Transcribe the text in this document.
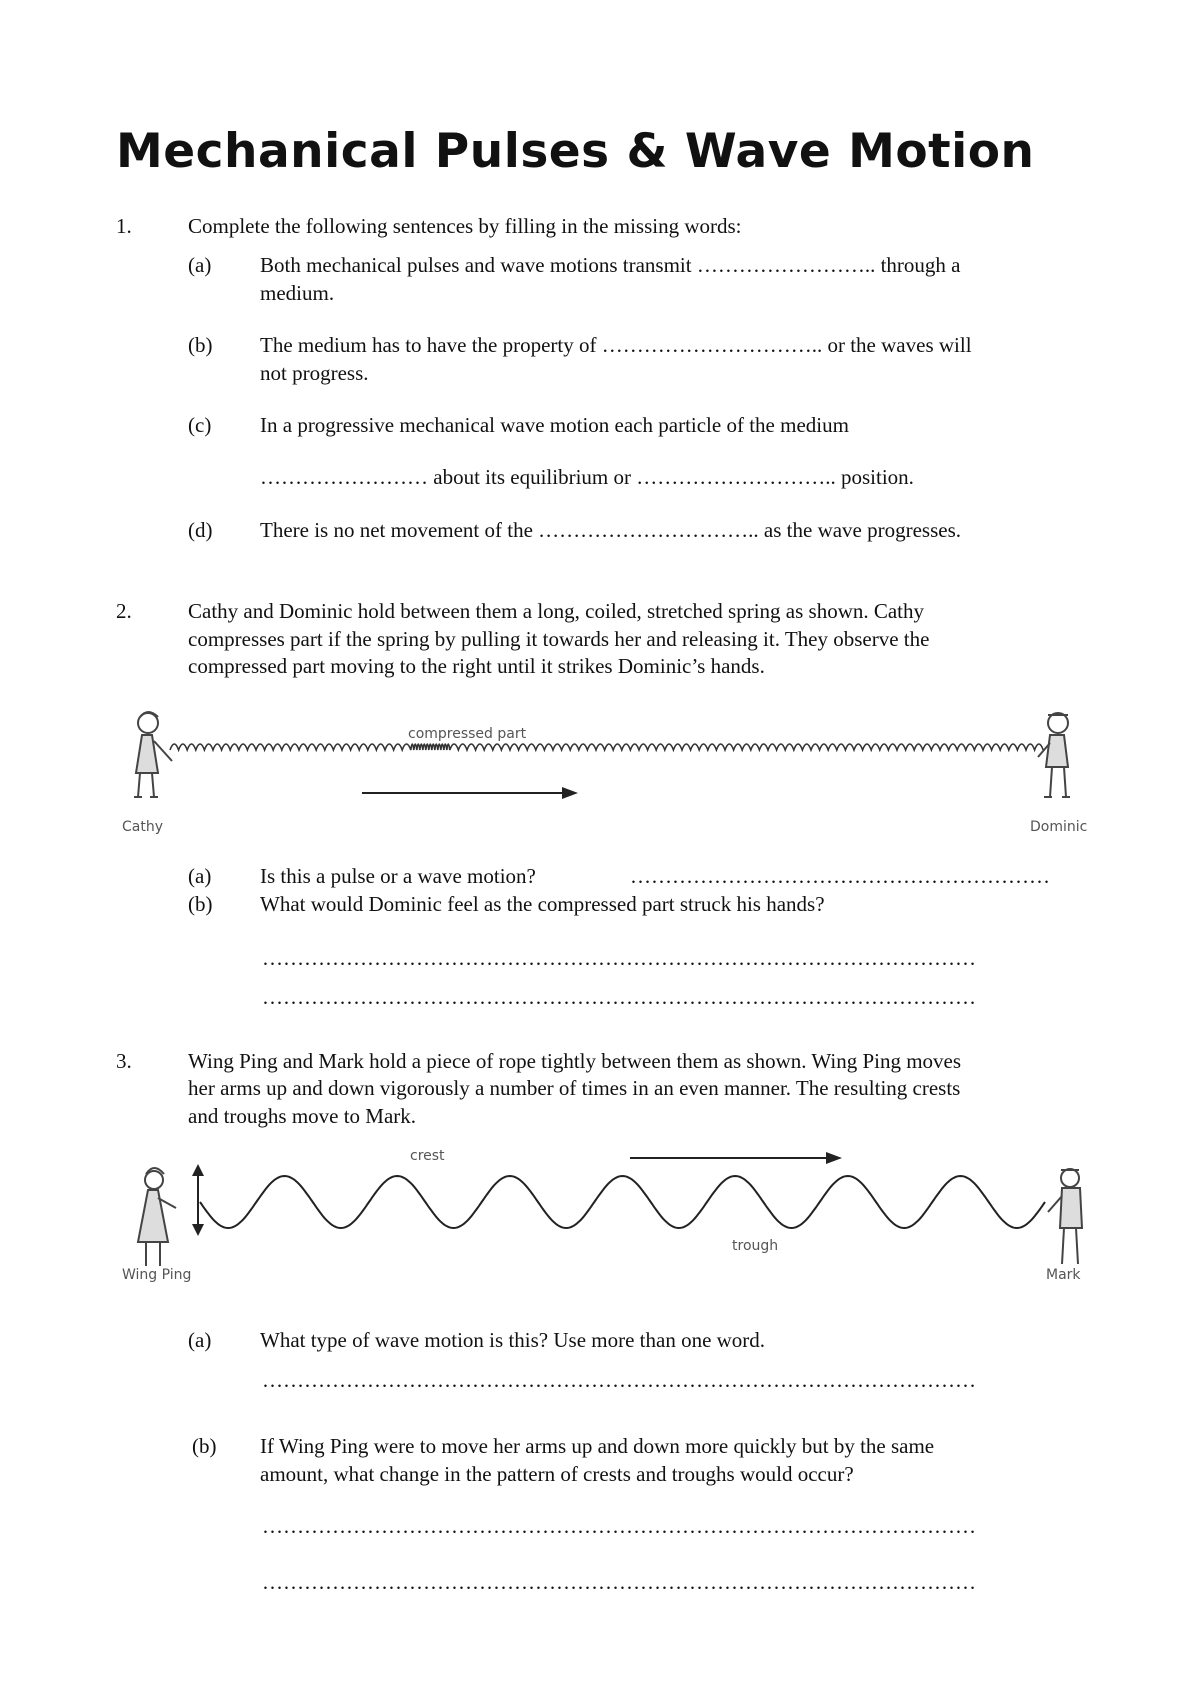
Mechanical Pulses & Wave Motion
1.	Complete the following sentences by filling in the missing words:
(a) Both mechanical pulses and wave motions transmit …………………….. through a
medium.
(b) The medium has to have the property of ………………………….. or the waves will
not progress.
(c) In a progressive mechanical wave motion each particle of the medium
…………………… about its equilibrium or ……………………….. position.
(d) There is no net movement of the ………………………….. as the wave progresses.
2.	Cathy and Dominic hold between them a long, coiled, stretched spring as shown. Cathy
compresses part if the spring by pulling it towards her and releasing it. They observe the
compressed part moving to the right until it strikes Dominic’s hands.
Cathy
compressed part
Dominic
(a) Is this a pulse or a wave motion?	……………………………………………………
(b) What would Dominic feel as the compressed part struck his hands?
…………………………………………………………………………………………
…………………………………………………………………………………………
3.	Wing Ping and Mark hold a piece of rope tightly between them as shown. Wing Ping moves
her arms up and down vigorously a number of times in an even manner. The resulting crests
and troughs move to Mark.
Wing Ping
crest
trough
Mark
(a) What type of wave motion is this? Use more than one word.
…………………………………………………………………………………………
(b) If Wing Ping were to move her arms up and down more quickly but by the same
amount, what change in the pattern of crests and troughs would occur?
…………………………………………………………………………………………
…………………………………………………………………………………………
